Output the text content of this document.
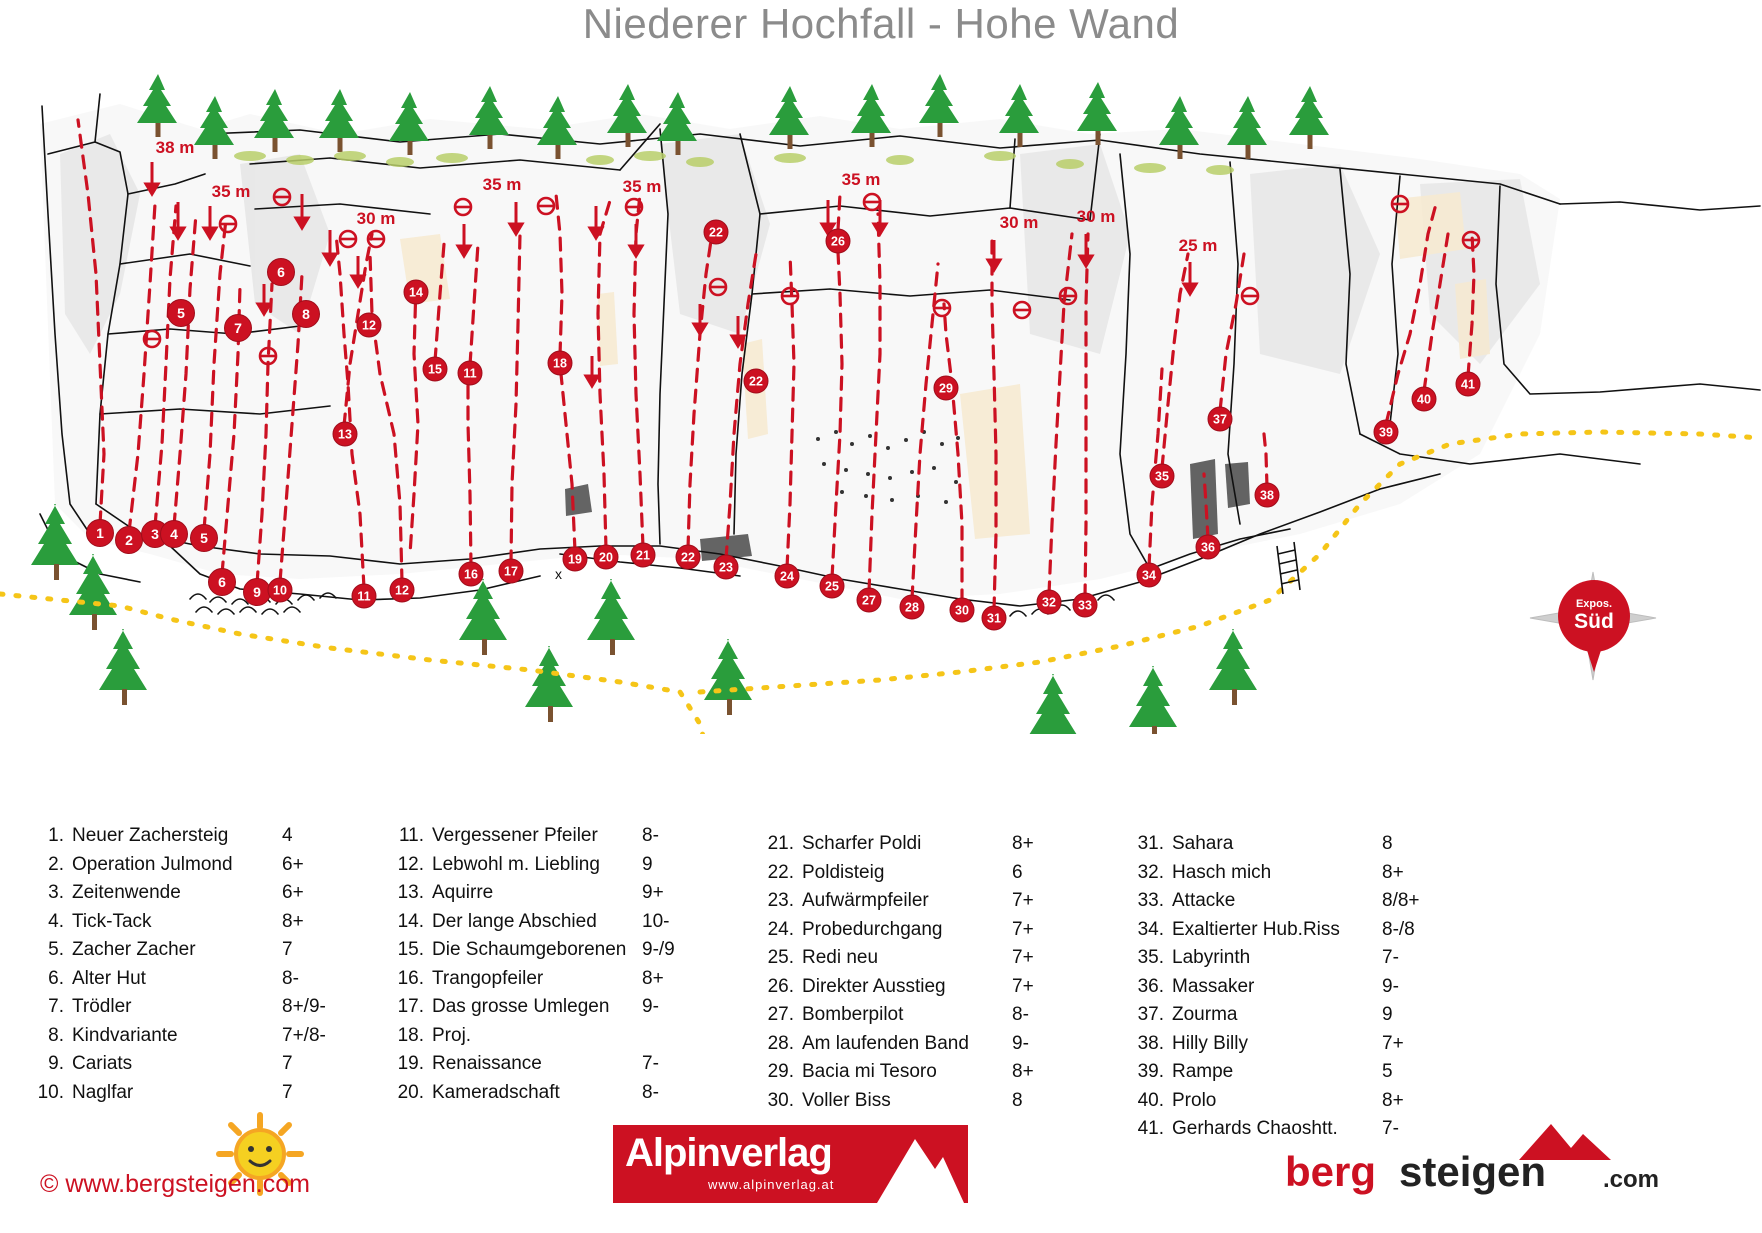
Niederer Hochfall - Hohe Wand
x
38 m
35 m
30 m
35 m	35 m	35 m
30 m 30 m
25 m
1	2	3 4	5
5
6
6
7
8
9 10	11
11
12
12
13
14
15
16	17
18
19	20	21
22
22
22
23
24
25
26
27	28
29
30
31
32	33
34
35
36
37
38
39
40
41
Expos.
Süd
1. Neuer Zachersteig	4
2. Operation Julmond	6+
3. Zeitenwende	6+
4. Tick-Tack	8+
5. Zacher Zacher	7
6. Alter Hut	8-
7. Trödler	8+/9-
8. Kindvariante	7+/8-
9. Cariats	7
10. Naglfar	7
11. Vergessener Pfeiler	8-
12. Lebwohl m. Liebling	9
13. Aquirre	9+
14. Der lange Abschied	10-
15. Die Schaumgeborenen 9-/9
16. Trangopfeiler	8+
17. Das grosse Umlegen	9-
18. Proj.
19. Renaissance	7-
20. Kameradschaft	8-
21. Scharfer Poldi	8+
22. Poldisteig	6
23. Aufwärmpfeiler	7+
24. Probedurchgang	7+
25. Redi neu	7+
26. Direkter Ausstieg	7+
27. Bomberpilot	8-
28. Am laufenden Band	9-
29. Bacia mi Tesoro	8+
30. Voller Biss	8
31. Sahara	8
32. Hasch mich	8+
33. Attacke	8/8+
34. Exaltierter Hub.Riss	8-/8
35. Labyrinth	7-
36. Massaker	9-
37. Zourma	9
38. Hilly Billy	7+
39. Rampe	5
40. Prolo	8+
41. Gerhards Chaoshtt.	7-
© www.bergsteigen.com
Alpinverlag
www.alpinverlag.at	berg steigen .com
